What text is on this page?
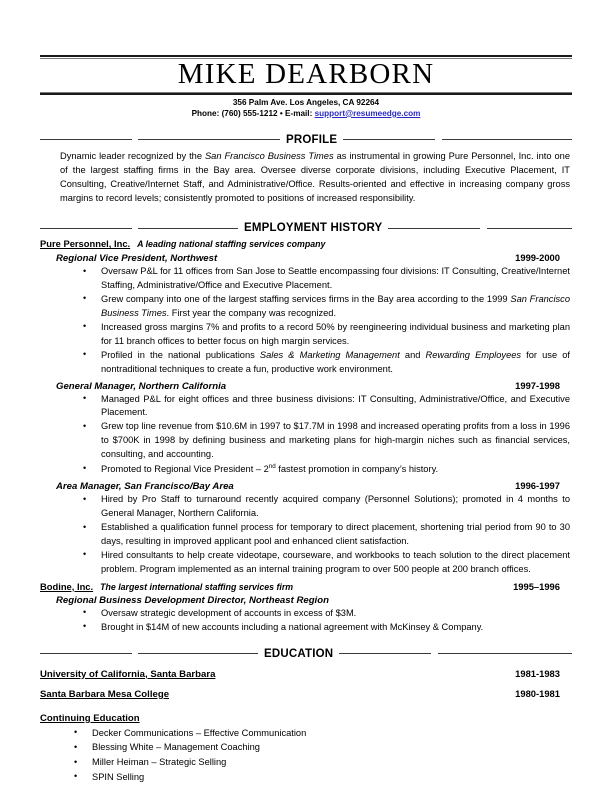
MIKE DEARBORN
356 Palm Ave. Los Angeles, CA 92264
Phone: (760) 555-1212 • E-mail: support@resumeedge.com
PROFILE
Dynamic leader recognized by the San Francisco Business Times as instrumental in growing Pure Personnel, Inc. into one of the largest staffing firms in the Bay area. Oversee diverse corporate divisions, including Executive Placement, IT Consulting, Creative/Internet Staff, and Administrative/Office. Results-oriented and effective in increasing company gross margins to record levels; consistently promoted to positions of increased responsibility.
EMPLOYMENT HISTORY
Pure Personnel, Inc. A leading national staffing services company
Regional Vice President, Northwest	1999-2000
• Oversaw P&L for 11 offices from San Jose to Seattle encompassing four divisions: IT Consulting, Creative/Internet Staffing, Administrative/Office and Executive Placement.
• Grew company into one of the largest staffing services firms in the Bay area according to the 1999 San Francisco Business Times. First year the company was recognized.
• Increased gross margins 7% and profits to a record 50% by reengineering individual business and marketing plan for 11 branch offices to better focus on high margin services.
• Profiled in the national publications Sales & Marketing Management and Rewarding Employees for use of nontraditional techniques to create a fun, productive work environment.
General Manager, Northern California	1997-1998
• Managed P&L for eight offices and three business divisions: IT Consulting, Administrative/Office, and Executive Placement.
• Grew top line revenue from $10.6M in 1997 to $17.7M in 1998 and increased operating profits from a loss in 1996 to $700K in 1998 by defining business and marketing plans for high-margin niches such as financial services, consulting, and accounting.
• Promoted to Regional Vice President – 2nd fastest promotion in company’s history.
Area Manager, San Francisco/Bay Area	1996-1997
• Hired by Pro Staff to turnaround recently acquired company (Personnel Solutions); promoted in 4 months to General Manager, Northern California.
• Established a qualification funnel process for temporary to direct placement, shortening trial period from 90 to 30 days, resulting in improved applicant pool and enhanced client satisfaction.
• Hired consultants to help create videotape, courseware, and workbooks to teach solution to the direct placement problem. Program implemented as an internal training program to over 500 people at 200 branch offices.
Bodine, Inc. The largest international staffing services firm	1995–1996
Regional Business Development Director, Northeast Region
• Oversaw strategic development of accounts in excess of $3M.
• Brought in $14M of new accounts including a national agreement with McKinsey & Company.
EDUCATION
University of California, Santa Barbara	1981-1983
Santa Barbara Mesa College	1980-1981
Continuing Education
• Decker Communications – Effective Communication
• Blessing White – Management Coaching
• Miller Heiman – Strategic Selling
• SPIN Selling
